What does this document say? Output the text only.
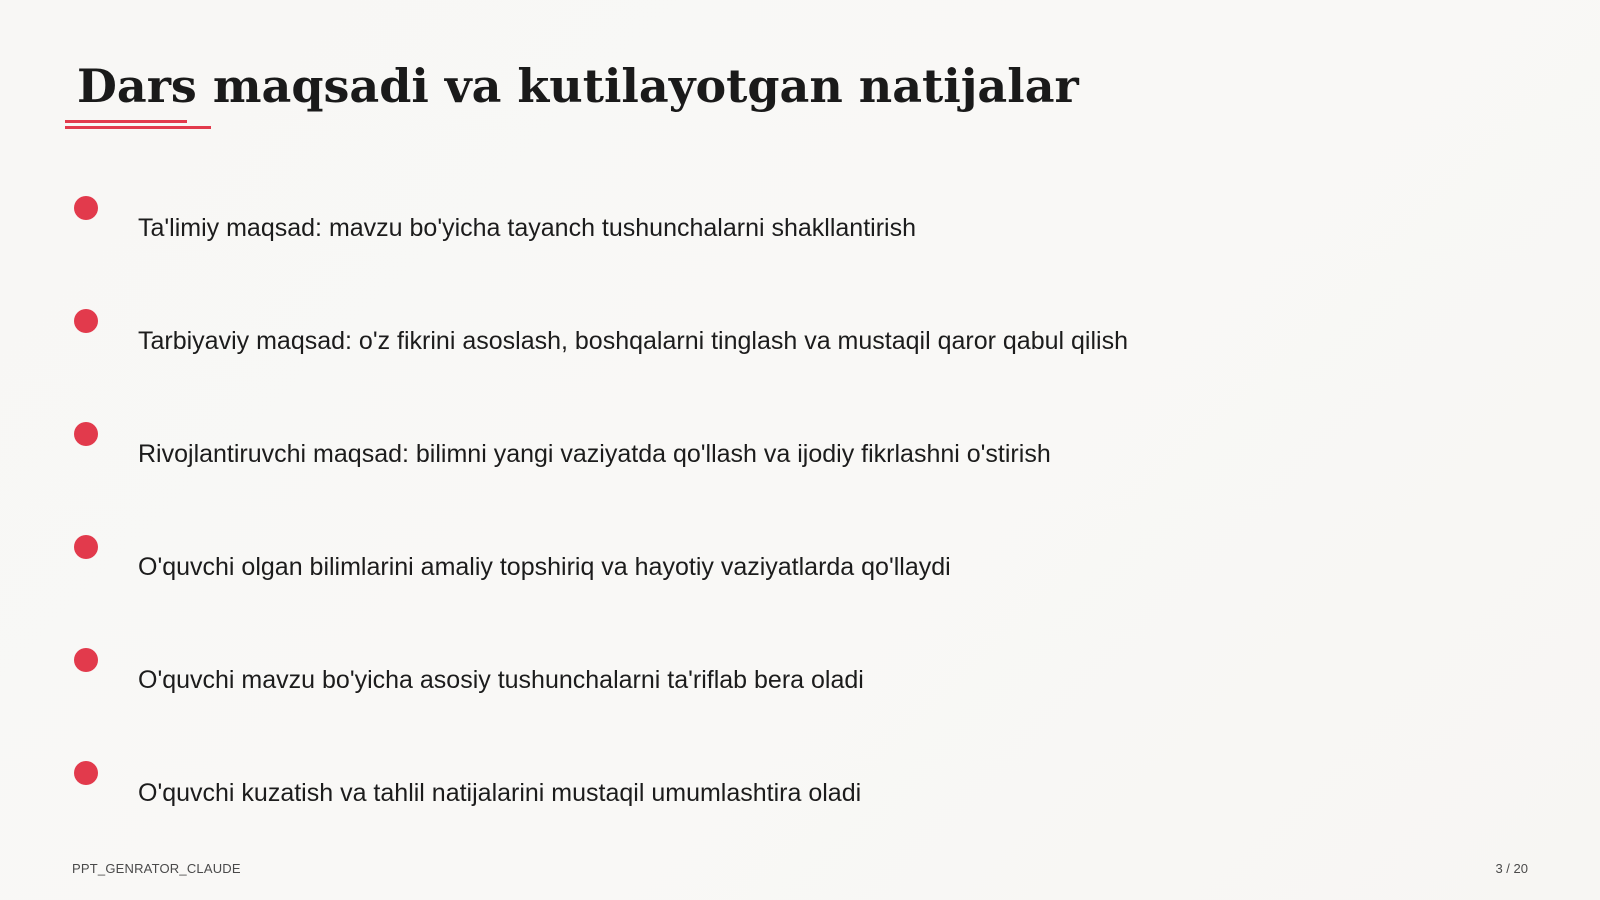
Dars maqsadi va kutilayotgan natijalar
Ta'limiy maqsad: mavzu bo'yicha tayanch tushunchalarni shakllantirish
Tarbiyaviy maqsad: o'z fikrini asoslash, boshqalarni tinglash va mustaqil qaror qabul qilish
Rivojlantiruvchi maqsad: bilimni yangi vaziyatda qo'llash va ijodiy fikrlashni o'stirish
O'quvchi olgan bilimlarini amaliy topshiriq va hayotiy vaziyatlarda qo'llaydi
O'quvchi mavzu bo'yicha asosiy tushunchalarni ta'riflab bera oladi
O'quvchi kuzatish va tahlil natijalarini mustaqil umumlashtira oladi
PPT_GENRATOR_CLAUDE	3 / 20
